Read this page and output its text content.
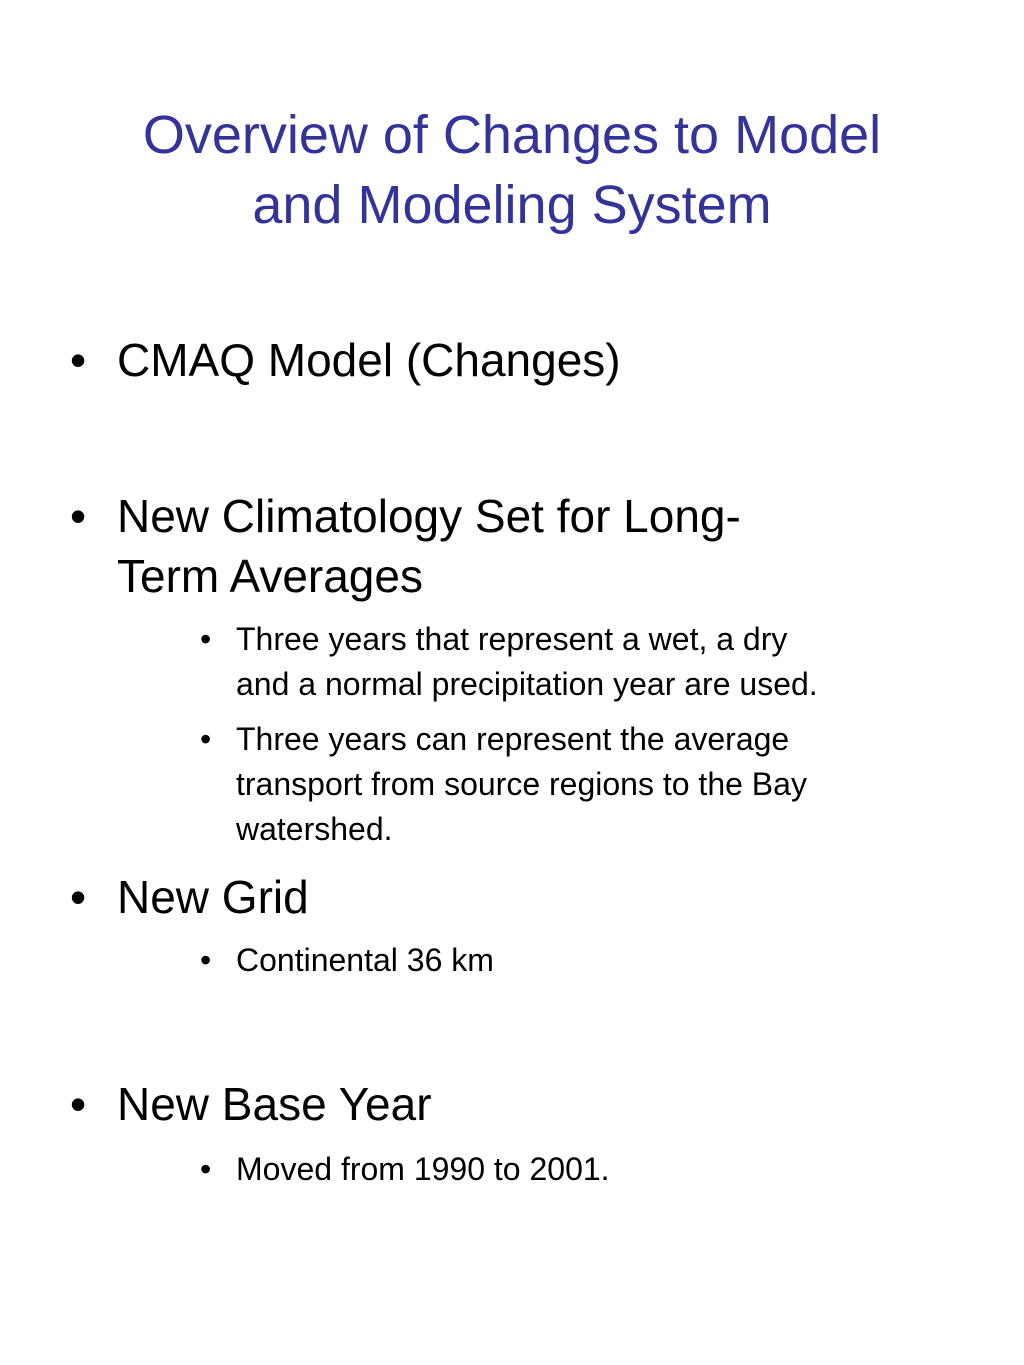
Overview of Changes to Model
and Modeling System
• CMAQ Model (Changes)
• New Climatology Set for Long-
Term Averages
• Three years that represent a wet, a dry
and a normal precipitation year are used.
• Three years can represent the average
transport from source regions to the Bay
watershed.
• New Grid
• Continental 36 km
• New Base Year
• Moved from 1990 to 2001.
